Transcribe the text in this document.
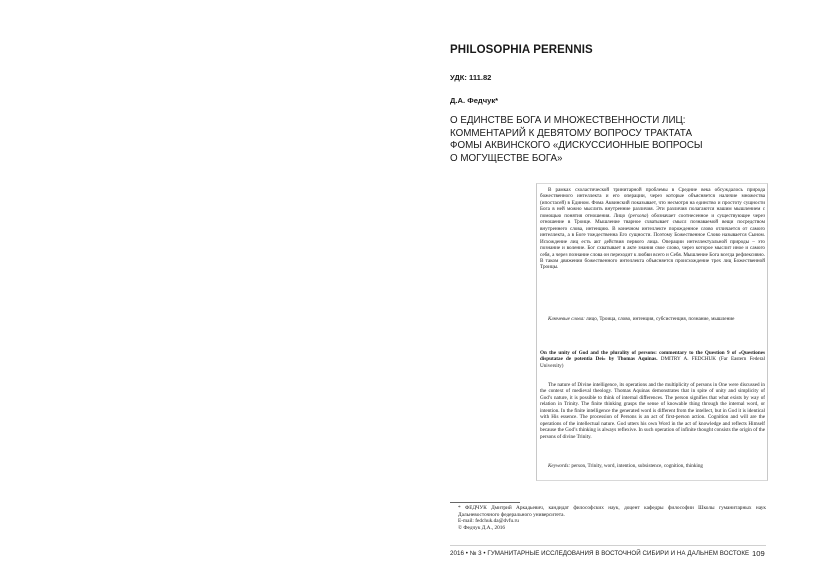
PHILOSOPHIA PERENNIS
УДК: 111.82
Д.А. Федчук*
О ЕДИНСТВЕ БОГА И МНОЖЕСТВЕННОСТИ ЛИЦ:
КОММЕНТАРИЙ К ДЕВЯТОМУ ВОПРОСУ ТРАКТАТА
ФОМЫ АКВИНСКОГО «ДИСКУССИОННЫЕ ВОПРОСЫ
О МОГУЩЕСТВЕ БОГА»

В рамках схоластической тринитарной проблемы в Средние века обсуждалось природа божественного интеллекта и его операции, через которые объясняется наличие множества (ипостасей) в Едином. Фома Аквинский показывает, что несмотря на единство и простоту сущности Бога в ней можно мыслить внутренние различия. Эти различия полагаются нашим мышлением с помощью понятия отношения. Лицо (persona) обозначает соотнесенное и существующее через отношение в Троице. Мышление тварное схватывает смысл познаваемой вещи посредством внутреннего слова, интенцию. В конечном интеллекте порожденное слово отличается от самого интеллекта, а в Боге тождественна Его сущности. Поэтому Божественное Слово называется Сыном. Исхождение лиц есть акт действия первого лица. Операции интеллектуальной природы – это познание и воление. Бог схватывает в акте знания свое слово, через которое мыслит иное и самого себя, а через познание слова он переходит к любви всего и Себя. Мышление Бога всегда рефлексивно. В таком движении божественного интеллекта объясняется происхождение трех лиц Божественной Троицы.

Ключевые слова: лицо, Троица, слово, интенция, субсистенция, познание, мышление

On the unity of God and the plurality of persons: commentary to the Question 9 of «Questiones disputatae de potentia Dei» by Thomas Aquinas. DMITRY A. FEDCHUK (Far Eastern Federal University)

The nature of Divine intelligence, its operations and the multiplicity of persons in One were discussed in the context of medieval theology. Thomas Aquinas demonstrates that in spite of unity and simplicity of God’s nature, it is possible to think of internal differences. The person signifies that what exists by way of relation in Trinity. The finite thinking grasps the sense of knowable thing through the internal word, or intention. In the finite intelligence the generated word is different from the intellect, but in God it is identical with His essence. The procession of Persons is an act of first-person action. Cognition and will are the operations of the intellectual nature. God utters his own Word in the act of knowledge and reflects Himself because the God’s thinking is always reflexive. In such operation of infinite thought consists the origin of the persons of divine Trinity.

Keywords: person, Trinity, word, intention, subsistence, cognition, thinking

* ФЕДЧУК Дмитрий Аркадьевич, кандидат философских наук, доцент кафедры философии Школы гуманитарных наук Дальневосточного федерального университета.

E-mail: fedchuk.da@dvfu.ru

© Федчук Д.А., 2016

2016 • № 3 • ГУМАНИТАРНЫЕ ИССЛЕДОВАНИЯ В ВОСТОЧНОЙ СИБИРИ И НА ДАЛЬНЕМ ВОСТОКЕ 109
